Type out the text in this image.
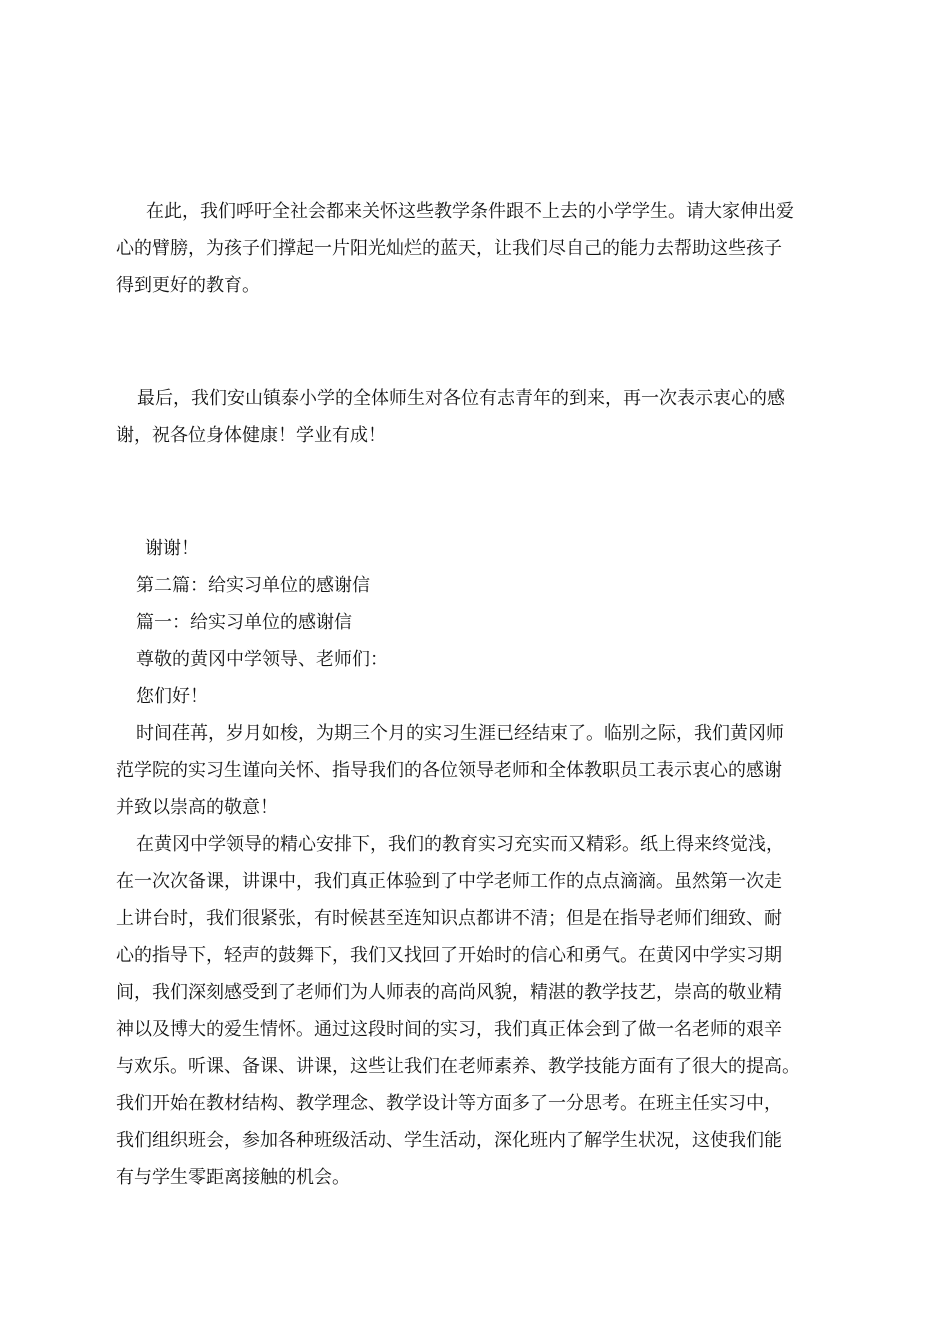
在此，我们呼吁全社会都来关怀这些教学条件跟不上去的小学学生。请大家伸出爱
心的臂膀，为孩子们撑起一片阳光灿烂的蓝天，让我们尽自己的能力去帮助这些孩子
得到更好的教育。
最后，我们安山镇泰小学的全体师生对各位有志青年的到来，再一次表示衷心的感
谢，祝各位身体健康！学业有成！
谢谢！
第二篇：给实习单位的感谢信
篇一：给实习单位的感谢信
尊敬的黄冈中学领导、老师们：
您们好！
时间荏苒，岁月如梭，为期三个月的实习生涯已经结束了。临别之际，我们黄冈师
范学院的实习生谨向关怀、指导我们的各位领导老师和全体教职员工表示衷心的感谢
并致以崇高的敬意！
在黄冈中学领导的精心安排下，我们的教育实习充实而又精彩。纸上得来终觉浅，
在一次次备课，讲课中，我们真正体验到了中学老师工作的点点滴滴。虽然第一次走
上讲台时，我们很紧张，有时候甚至连知识点都讲不清；但是在指导老师们细致、耐
心的指导下，轻声的鼓舞下，我们又找回了开始时的信心和勇气。在黄冈中学实习期
间，我们深刻感受到了老师们为人师表的高尚风貌，精湛的教学技艺，崇高的敬业精
神以及博大的爱生情怀。通过这段时间的实习，我们真正体会到了做一名老师的艰辛
与欢乐。听课、备课、讲课，这些让我们在老师素养、教学技能方面有了很大的提高。
我们开始在教材结构、教学理念、教学设计等方面多了一分思考。在班主任实习中，
我们组织班会，参加各种班级活动、学生活动，深化班内了解学生状况，这使我们能
有与学生零距离接触的机会。
